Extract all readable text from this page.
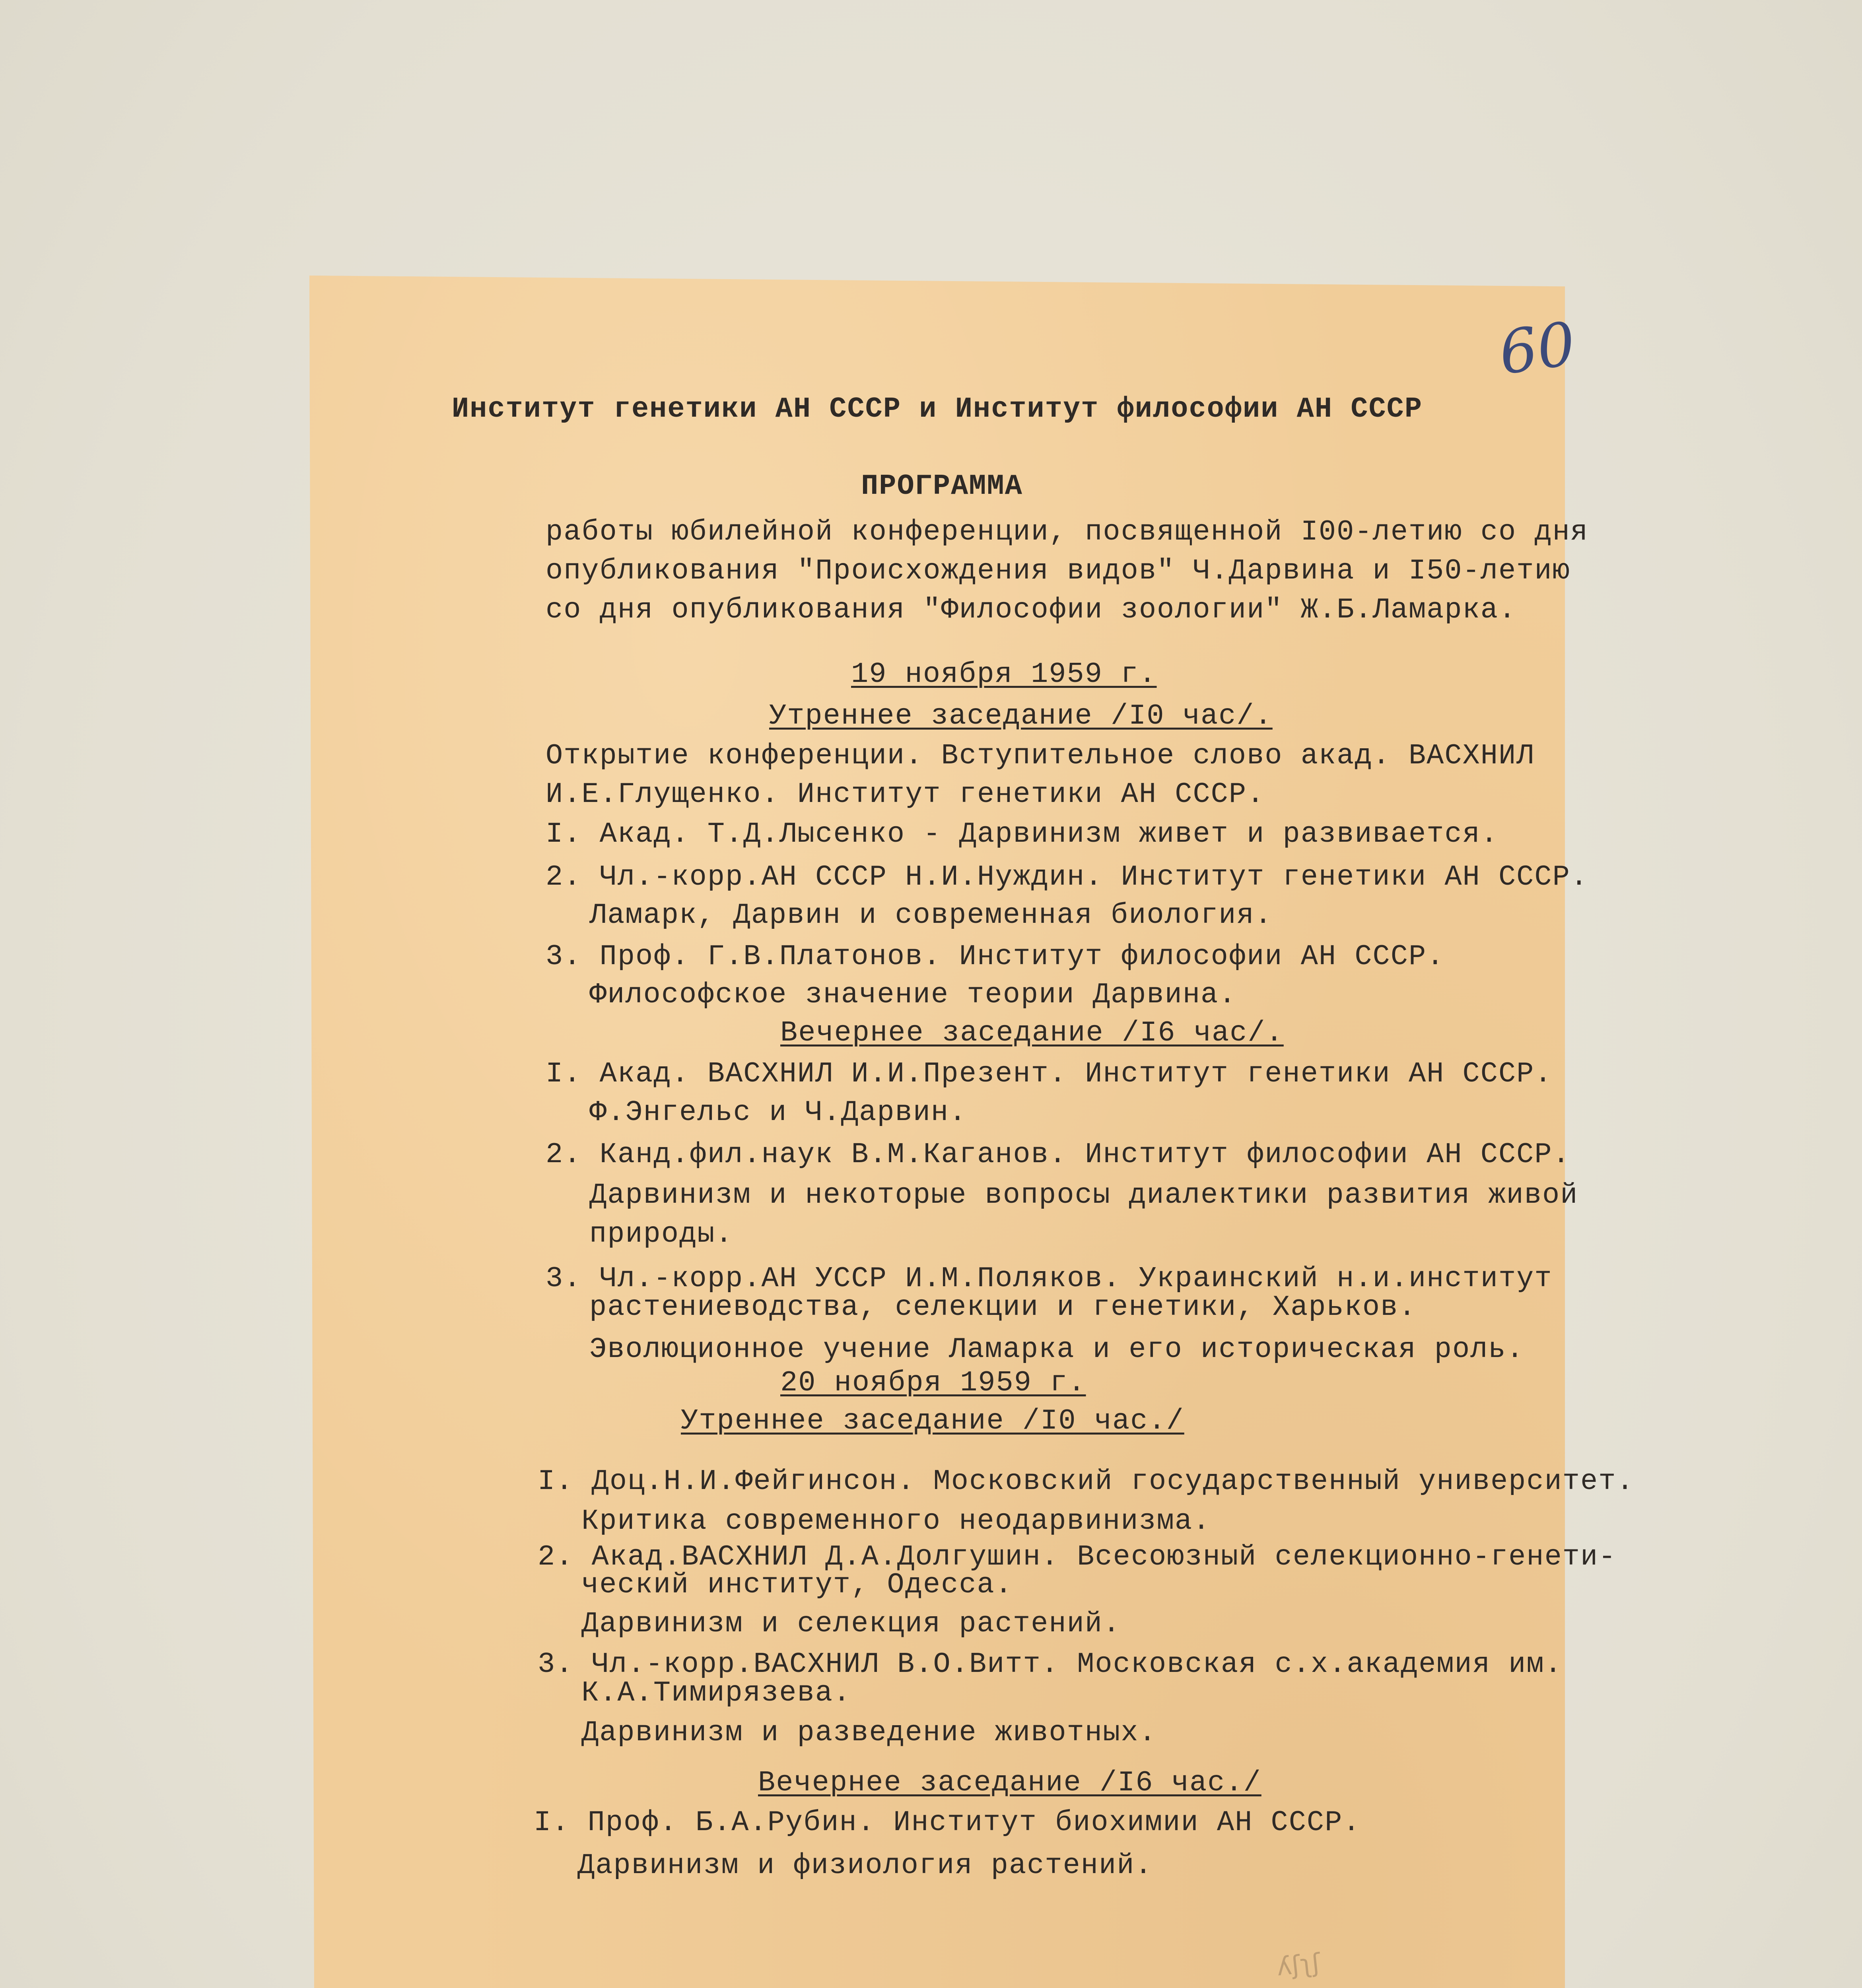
60
ʎʃʅʃ
Институт генетики АН СССР и Институт философии АН СССР
ПРОГРАММА
работы юбилейной конференции, посвященной I00-летию со дня
опубликования "Происхождения видов" Ч.Дарвина и I50-летию
со дня опубликования "Философии зоологии" Ж.Б.Ламарка.
19 ноября 1959 г.
Утреннее заседание /I0 час/.
Открытие конференции. Вступительное слово акад. ВАСХНИЛ
И.Е.Глущенко. Институт генетики АН СССР.
I. Акад. Т.Д.Лысенко - Дарвинизм живет и развивается.
2. Чл.-корр.АН СССР Н.И.Нуждин. Институт генетики АН СССР.
Ламарк, Дарвин и современная биология.
3. Проф. Г.В.Платонов. Институт философии АН СССР.
Философское значение теории Дарвина.
Вечернее заседание /I6 час/.
I. Акад. ВАСХНИЛ И.И.Презент. Институт генетики АН СССР.
Ф.Энгельс и Ч.Дарвин.
2. Канд.фил.наук В.М.Каганов. Институт философии АН СССР.
Дарвинизм и некоторые вопросы диалектики развития живой
природы.
3. Чл.-корр.АН УССР И.М.Поляков. Украинский н.и.институт
растениеводства, селекции и генетики, Харьков.
Эволюционное учение Ламарка и его историческая роль.
20 ноября 1959 г.
Утреннее заседание /I0 час./
I. Доц.Н.И.Фейгинсон. Московский государственный университет.
Критика современного неодарвинизма.
2. Акад.ВАСХНИЛ Д.А.Долгушин. Всесоюзный селекционно-генети-
ческий институт, Одесса.
Дарвинизм и селекция растений.
3. Чл.-корр.ВАСХНИЛ В.О.Витт. Московская с.х.академия им.
К.А.Тимирязева.
Дарвинизм и разведение животных.
Вечернее заседание /I6 час./
I. Проф. Б.А.Рубин. Институт биохимии АН СССР.
Дарвинизм и физиология растений.
